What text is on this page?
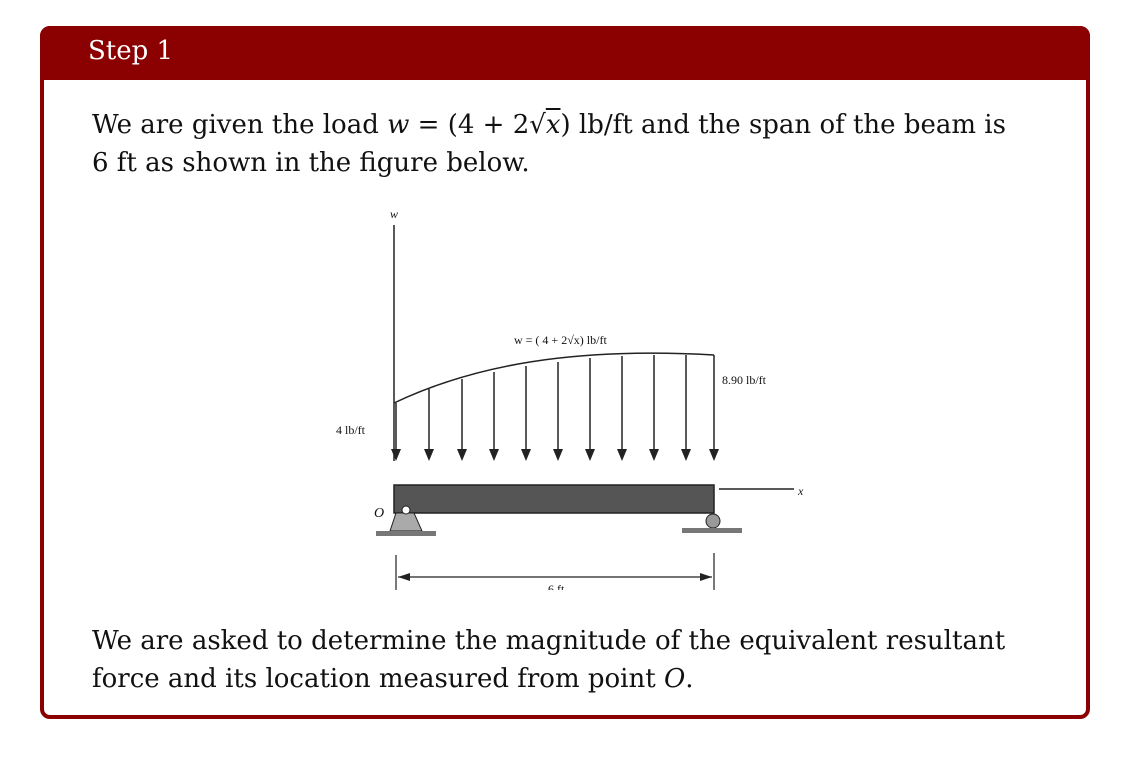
Step 1
We are given the load w = (4 + 2√x) lb/ft and the span of the beam is
6 ft as shown in the figure below.
w
w = ( 4 + 2√x) lb/ft
8.90 lb/ft
4 lb/ft
x
O
6 ft
We are asked to determine the magnitude of the equivalent resultant
force and its location measured from point O.
